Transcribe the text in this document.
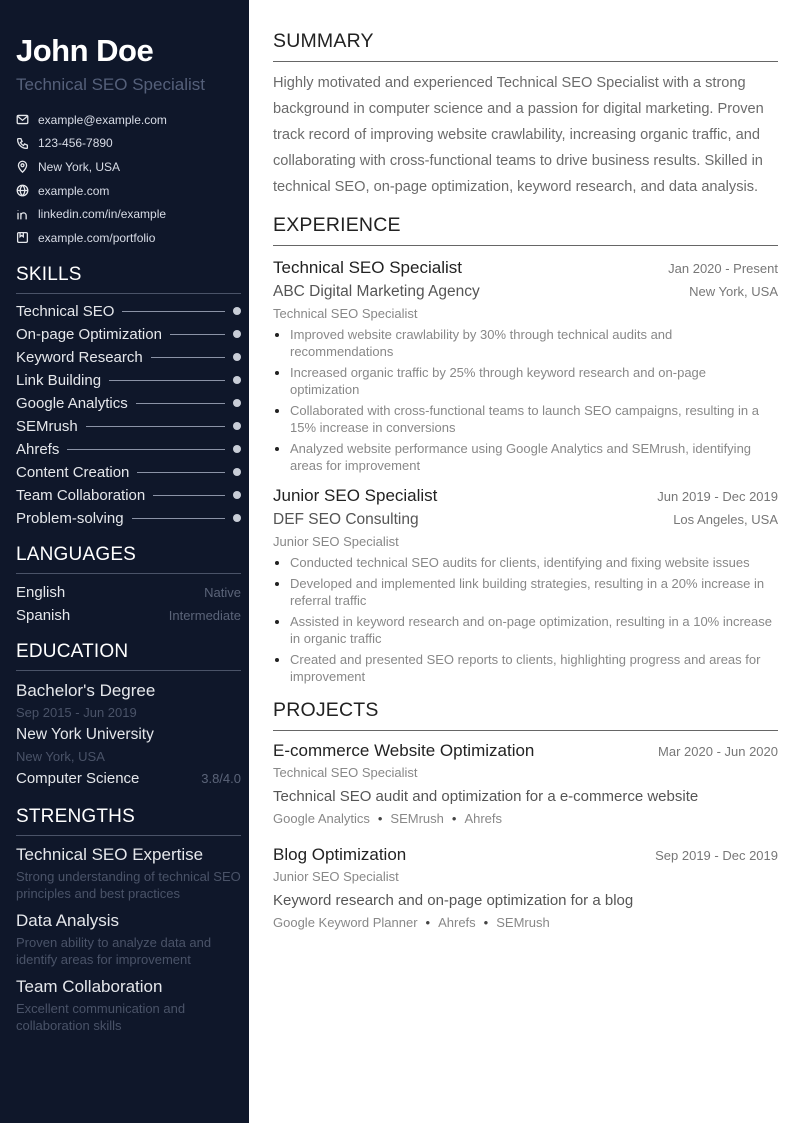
John Doe
Technical SEO Specialist
example@example.com
123-456-7890
New York, USA
example.com
linkedin.com/in/example
example.com/portfolio
SKILLS
Technical SEO
On-page Optimization
Keyword Research
Link Building
Google Analytics
SEMrush
Ahrefs
Content Creation
Team Collaboration
Problem-solving
LANGUAGES
English	Native
Spanish	Intermediate
EDUCATION
Bachelor's Degree
Sep 2015 - Jun 2019
New York University
New York, USA
Computer Science	3.8/4.0
STRENGTHS
Technical SEO Expertise
Strong understanding of technical SEO principles and best practices
Data Analysis
Proven ability to analyze data and identify areas for improvement
Team Collaboration
Excellent communication and collaboration skills
SUMMARY
Highly motivated and experienced Technical SEO Specialist with a strong background in computer science and a passion for digital marketing. Proven track record of improving website crawlability, increasing organic traffic, and collaborating with cross-functional teams to drive business results. Skilled in technical SEO, on-page optimization, keyword research, and data analysis.
EXPERIENCE
Technical SEO Specialist	Jan 2020 - Present
ABC Digital Marketing Agency	New York, USA
Technical SEO Specialist
• Improved website crawlability by 30% through technical audits and recommendations
• Increased organic traffic by 25% through keyword research and on-page optimization
• Collaborated with cross-functional teams to launch SEO campaigns, resulting in a 15% increase in conversions
• Analyzed website performance using Google Analytics and SEMrush, identifying areas for improvement
Junior SEO Specialist	Jun 2019 - Dec 2019
DEF SEO Consulting	Los Angeles, USA
Junior SEO Specialist
• Conducted technical SEO audits for clients, identifying and fixing website issues
• Developed and implemented link building strategies, resulting in a 20% increase in referral traffic
• Assisted in keyword research and on-page optimization, resulting in a 10% increase in organic traffic
• Created and presented SEO reports to clients, highlighting progress and areas for improvement
PROJECTS
E-commerce Website Optimization	Mar 2020 - Jun 2020
Technical SEO Specialist
Technical SEO audit and optimization for a e-commerce website
Google Analytics • SEMrush • Ahrefs
Blog Optimization	Sep 2019 - Dec 2019
Junior SEO Specialist
Keyword research and on-page optimization for a blog
Google Keyword Planner • Ahrefs • SEMrush
